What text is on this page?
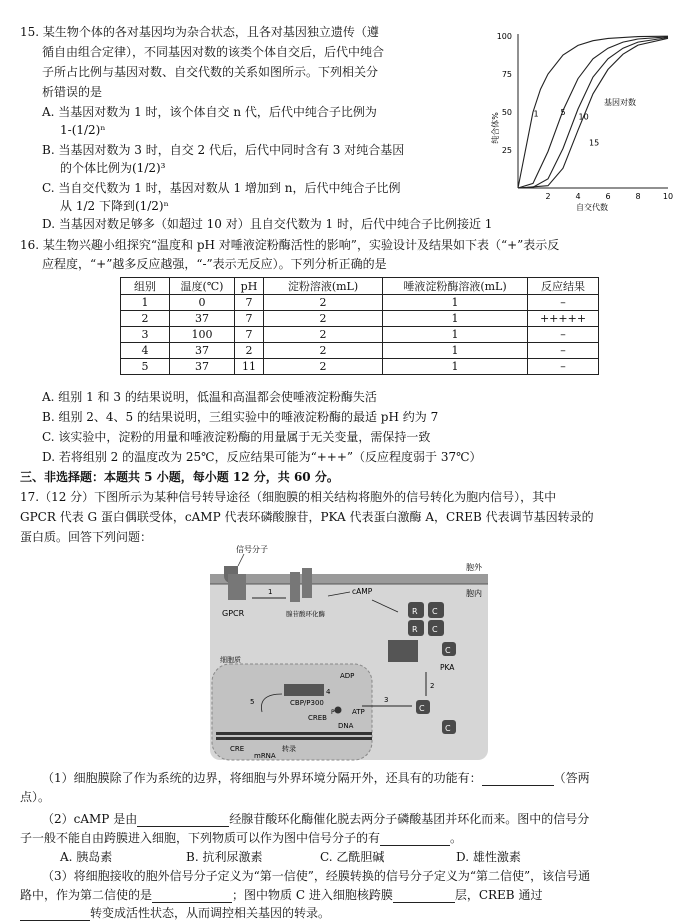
15. 某生物个体的各对基因均为杂合状态，且各对基因独立遗传（遵
循自由组合定律），不同基因对数的该类个体自交后，后代中纯合
子所占比例与基因对数、自交代数的关系如图所示。下列相关分
析错误的是
A. 当基因对数为 1 时，该个体自交 n 代，后代中纯合子比例为
1-(1/2)ⁿ
B. 当基因对数为 3 时，自交 2 代后，后代中同时含有 3 对纯合基因
的个体比例为(1/2)³
C. 当自交代数为 1 时，基因对数从 1 增加到 n，后代中纯合子比例
从 1/2 下降到(1/2)ⁿ
D. 当基因对数足够多（如超过 10 对）且自交代数为 1 时，后代中纯合子比例接近 1
纯合体%
25
50
75
100
2	4	6	8	10
1	5
10
15
基因对数
自交代数
16. 某生物兴趣小组探究“温度和 pH 对唾液淀粉酶活性的影响”，实验设计及结果如下表（“+”表示反
应程度，“+”越多反应越强，“-”表示无反应）。下列分析正确的是
组别	温度(℃)	pH	淀粉溶液(mL)	唾液淀粉酶溶液(mL)	反应结果
1	0	7	2	1	–
2	37	7	2	1	+++++
3	100	7	2	1	–
4	37	2	2	1	–
5	37	11	2	1	–
A. 组别 1 和 3 的结果说明，低温和高温都会使唾液淀粉酶失活
B. 组别 2、4、5 的结果说明，三组实验中的唾液淀粉酶的最适 pH 约为 7
C. 该实验中，淀粉的用量和唾液淀粉酶的用量属于无关变量，需保持一致
D. 若将组别 2 的温度改为 25℃，反应结果可能为“+++”（反应程度弱于 37℃）
三、非选择题：本题共 5 小题，每小题 12 分，共 60 分。
17.（12 分）下图所示为某种信号转导途径（细胞膜的相关结构将胞外的信号转化为胞内信号），其中
GPCR 代表 G 蛋白偶联受体，cAMP 代表环磷酸腺苷，PKA 代表蛋白激酶 A，CREB 代表调节基因转录的
蛋白质。回答下列问题：
信号分子
胞外
胞内
GPCR	腺苷酸环化酶
1	cAMP
R
R
C
C
C
PKA
2
C
C
3
细胞质
ADP
ATP
4
CBP/P300
5
CREB
DNA
P
CRE
mRNA
转录
（1）细胞膜除了作为系统的边界，将细胞与外界环境分隔开外，还具有的功能有：	（答两
点）。
（2）cAMP 是由	经腺苷酸环化酶催化脱去两分子磷酸基团并环化而来。图中的信号分
子一般不能自由跨膜进入细胞，下列物质可以作为图中信号分子的有	。
A. 胰岛素	B. 抗利尿激素	C. 乙酰胆碱	D. 雄性激素
（3）将细胞接收的胞外信号分子定义为“第一信使”，经膜转换的信号分子定义为“第二信使”，该信号通
路中，作为第二信使的是	；图中物质 C 进入细胞核跨膜	层，CREB 通过
转变成活性状态，从而调控相关基因的转录。
